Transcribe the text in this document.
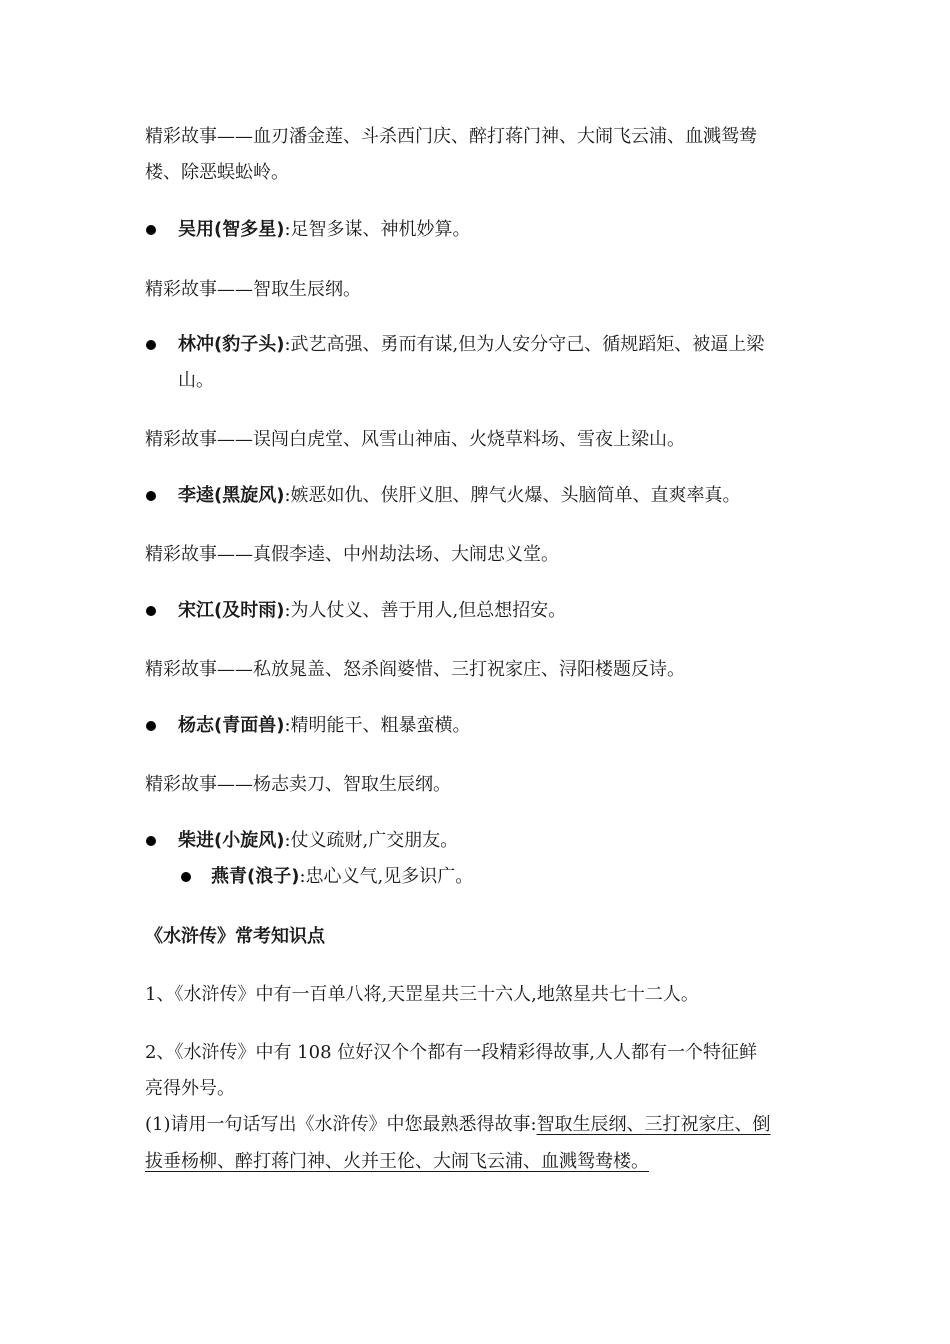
精彩故事——血刃潘金莲、斗杀西门庆、醉打蒋门神、大闹飞云浦、血溅鸳鸯
楼、除恶蜈蚣岭。
吴用(智多星):足智多谋、神机妙算。
精彩故事——智取生辰纲。
林冲(豹子头):武艺高强、勇而有谋,但为人安分守己、循规蹈矩、被逼上梁
山。
精彩故事——误闯白虎堂、风雪山神庙、火烧草料场、雪夜上梁山。
李逵(黑旋风):嫉恶如仇、侠肝义胆、脾气火爆、头脑简单、直爽率真。
精彩故事——真假李逵、中州劫法场、大闹忠义堂。
宋江(及时雨):为人仗义、善于用人,但总想招安。
精彩故事——私放晁盖、怒杀阎婆惜、三打祝家庄、浔阳楼题反诗。
杨志(青面兽):精明能干、粗暴蛮横。
精彩故事——杨志卖刀、智取生辰纲。
柴进(小旋风):仗义疏财,广交朋友。
燕青(浪子):忠心义气,见多识广。
《水浒传》常考知识点
1、《水浒传》中有一百单八将,天罡星共三十六人,地煞星共七十二人。
2、《水浒传》中有 108 位好汉个个都有一段精彩得故事,人人都有一个特征鲜
亮得外号。
(1)请用一句话写出《水浒传》中您最熟悉得故事:智取生辰纲、三打祝家庄、倒
拔垂杨柳、醉打蒋门神、火并王伦、大闹飞云浦、血溅鸳鸯楼。
